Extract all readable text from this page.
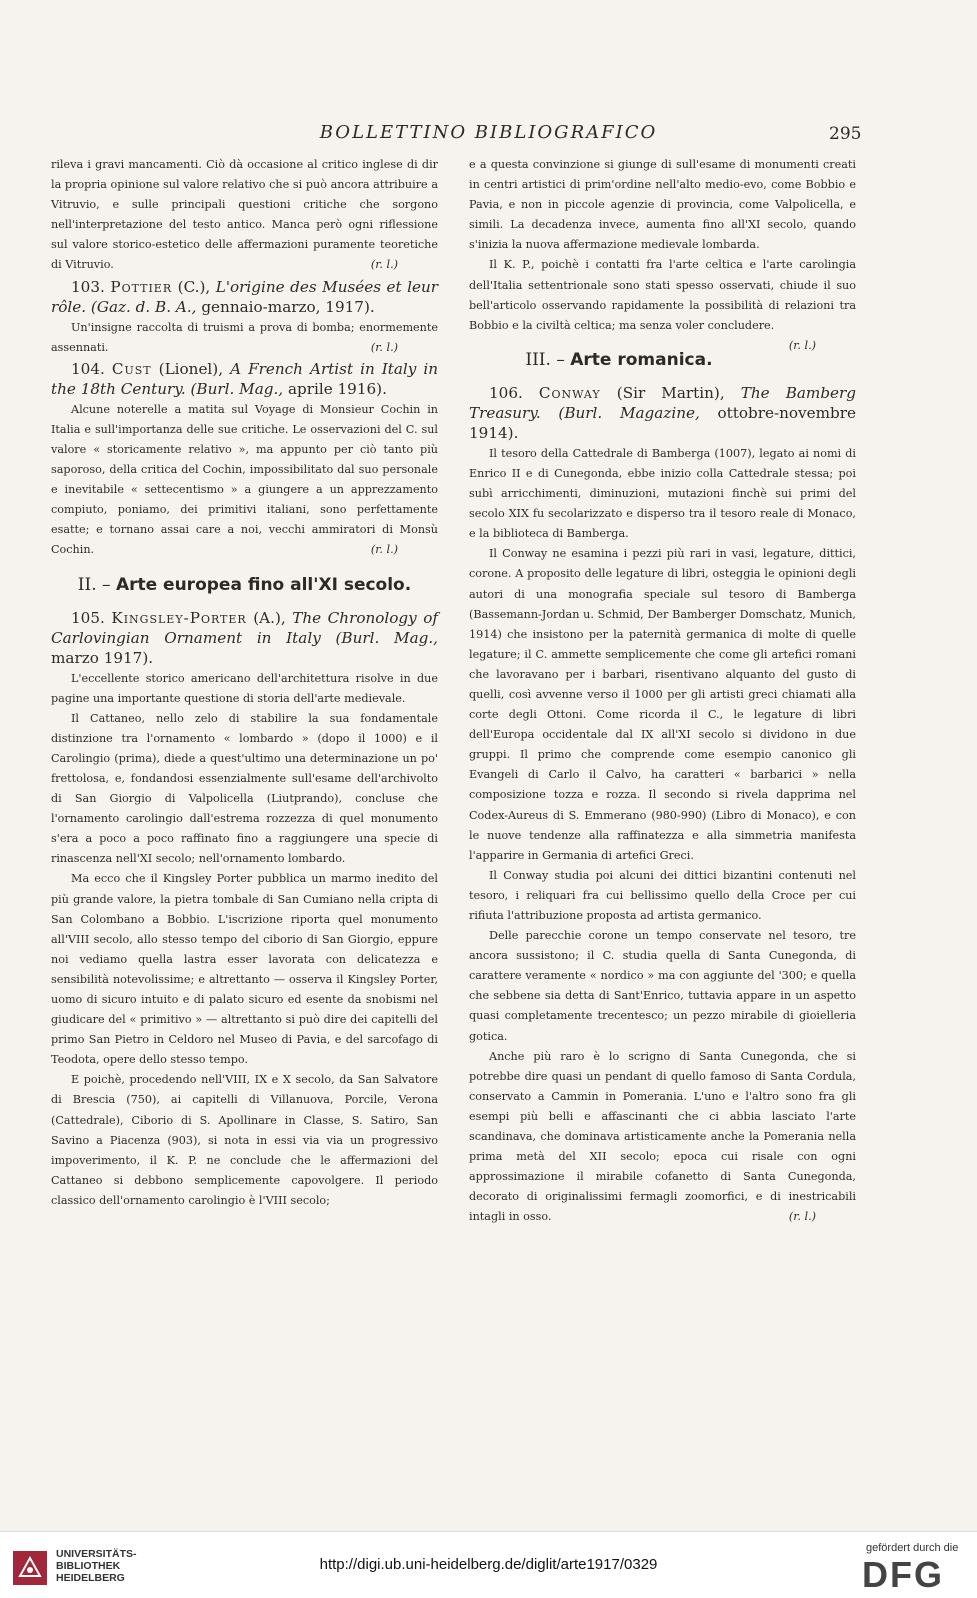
BOLLETTINO BIBLIOGRAFICO	295

rileva i gravi mancamenti. Ciò dà occasione al critico inglese di dir la propria opinione sul valore relativo che si può ancora attribuire a Vitruvio, e sulle principali questioni critiche che sorgono nell'interpretazione del testo antico. Manca però ogni riflessione sul valore storico-estetico delle affermazioni puramente teoretiche di Vitruvio.	(r. l.)

103. Pottier (C.), L'origine des Musées et leur rôle. (Gaz. d. B. A., gennaio-marzo, 1917).

Un'insigne raccolta di truismi a prova di bomba; enormemente assennati.	(r. l.)

104. Cust (Lionel), A French Artist in Italy in the 18th Century. (Burl. Mag., aprile 1916).

Alcune noterelle a matita sul Voyage di Monsieur Cochin in Italia e sull'importanza delle sue critiche. Le osservazioni del C. sul valore « storicamente relativo », ma appunto per ciò tanto più saporoso, della critica del Cochin, impossibilitato dal suo personale e inevitabile « settecentismo » a giungere a un apprezzamento compiuto, poniamo, dei primitivi italiani, sono perfettamente esatte; e tornano assai care a noi, vecchi ammiratori di Monsù Cochin.	(r. l.)

II. – Arte europea fino all'XI secolo.

105. Kingsley-Porter (A.), The Chronology of Carlovingian Ornament in Italy (Burl. Mag., marzo 1917).

L'eccellente storico americano dell'architettura risolve in due pagine una importante questione di storia dell'arte medievale.

Il Cattaneo, nello zelo di stabilire la sua fondamentale distinzione tra l'ornamento « lombardo » (dopo il 1000) e il Carolingio (prima), diede a quest'ultimo una determinazione un po' frettolosa, e, fondandosi essenzialmente sull'esame dell'archivolto di San Giorgio di Valpolicella (Liutprando), concluse che l'ornamento carolingio dall'estrema rozzezza di quel monumento s'era a poco a poco raffinato fino a raggiungere una specie di rinascenza nell'XI secolo; nell'ornamento lombardo.

Ma ecco che il Kingsley Porter pubblica un marmo inedito del più grande valore, la pietra tombale di San Cumiano nella cripta di San Colombano a Bobbio. L'iscrizione riporta quel monumento all'VIII secolo, allo stesso tempo del ciborio di San Giorgio, eppure noi vediamo quella lastra esser lavorata con delicatezza e sensibilità notevolissime; e altrettanto — osserva il Kingsley Porter, uomo di sicuro intuito e di palato sicuro ed esente da snobismi nel giudicare del « primitivo » — altrettanto si può dire dei capitelli del primo San Pietro in Celdoro nel Museo di Pavia, e del sarcofago di Teodota, opere dello stesso tempo.

E poichè, procedendo nell'VIII, IX e X secolo, da San Salvatore di Brescia (750), ai capitelli di Villanuova, Porcile, Verona (Cattedrale), Ciborio di S. Apollinare in Classe, S. Satiro, San Savino a Piacenza (903), si nota in essi via via un progressivo impoverimento, il K. P. ne conclude che le affermazioni del Cattaneo si debbono semplicemente capovolgere. Il periodo classico dell'ornamento carolingio è l'VIII secolo;

e a questa convinzione si giunge di sull'esame di monumenti creati in centri artistici di prim'ordine nell'alto medio-evo, come Bobbio e Pavia, e non in piccole agenzie di provincia, come Valpolicella, e simili. La decadenza invece, aumenta fino all'XI secolo, quando s'inizia la nuova affermazione medievale lombarda.

Il K. P., poichè i contatti fra l'arte celtica e l'arte carolingia dell'Italia settentrionale sono stati spesso osservati, chiude il suo bell'articolo osservando rapidamente la possibilità di relazioni tra Bobbio e la civiltà celtica; ma senza voler concludere.
(r. l.)

III. – Arte romanica.

106. Conway (Sir Martin), The Bamberg Treasury. (Burl. Magazine, ottobre-novembre 1914).

Il tesoro della Cattedrale di Bamberga (1007), legato ai nomi di Enrico II e di Cunegonda, ebbe inizio colla Cattedrale stessa; poi subì arricchimenti, diminuzioni, mutazioni finchè sui primi del secolo XIX fu secolarizzato e disperso tra il tesoro reale di Monaco, e la biblioteca di Bamberga.

Il Conway ne esamina i pezzi più rari in vasi, legature, dittici, corone. A proposito delle legature di libri, osteggia le opinioni degli autori di una monografia speciale sul tesoro di Bamberga (Bassemann-Jordan u. Schmid, Der Bamberger Domschatz, Munich, 1914) che insistono per la paternità germanica di molte di quelle legature; il C. ammette semplicemente che come gli artefici romani che lavoravano per i barbari, risentivano alquanto del gusto di quelli, così avvenne verso il 1000 per gli artisti greci chiamati alla corte degli Ottoni. Come ricorda il C., le legature di libri dell'Europa occidentale dal IX all'XI secolo si dividono in due gruppi. Il primo che comprende come esempio canonico gli Evangeli di Carlo il Calvo, ha caratteri « barbarici » nella composizione tozza e rozza. Il secondo si rivela dapprima nel Codex-Aureus di S. Emmerano (980-990) (Libro di Monaco), e con le nuove tendenze alla raffinatezza e alla simmetria manifesta l'apparire in Germania di artefici Greci.

Il Conway studia poi alcuni dei dittici bizantini contenuti nel tesoro, i reliquari fra cui bellissimo quello della Croce per cui rifiuta l'attribuzione proposta ad artista germanico.

Delle parecchie corone un tempo conservate nel tesoro, tre ancora sussistono; il C. studia quella di Santa Cunegonda, di carattere veramente « nordico » ma con aggiunte del '300; e quella che sebbene sia detta di Sant'Enrico, tuttavia appare in un aspetto quasi completamente trecentesco; un pezzo mirabile di gioielleria gotica.

Anche più raro è lo scrigno di Santa Cunegonda, che si potrebbe dire quasi un pendant di quello famoso di Santa Cordula, conservato a Cammin in Pomerania. L'uno e l'altro sono fra gli esempi più belli e affascinanti che ci abbia lasciato l'arte scandinava, che dominava artisticamente anche la Pomerania nella prima metà del XII secolo; epoca cui risale con ogni approssimazione il mirabile cofanetto di Santa Cunegonda, decorato di originalissimi fermagli zoomorfici, e di inestricabili intagli in osso.	(r. l.)

UNIVERSITÄTS-
BIBLIOTHEK
HEIDELBERG
http://digi.ub.uni-heidelberg.de/diglit/arte1917/0329
gefördert durch die
DFG
